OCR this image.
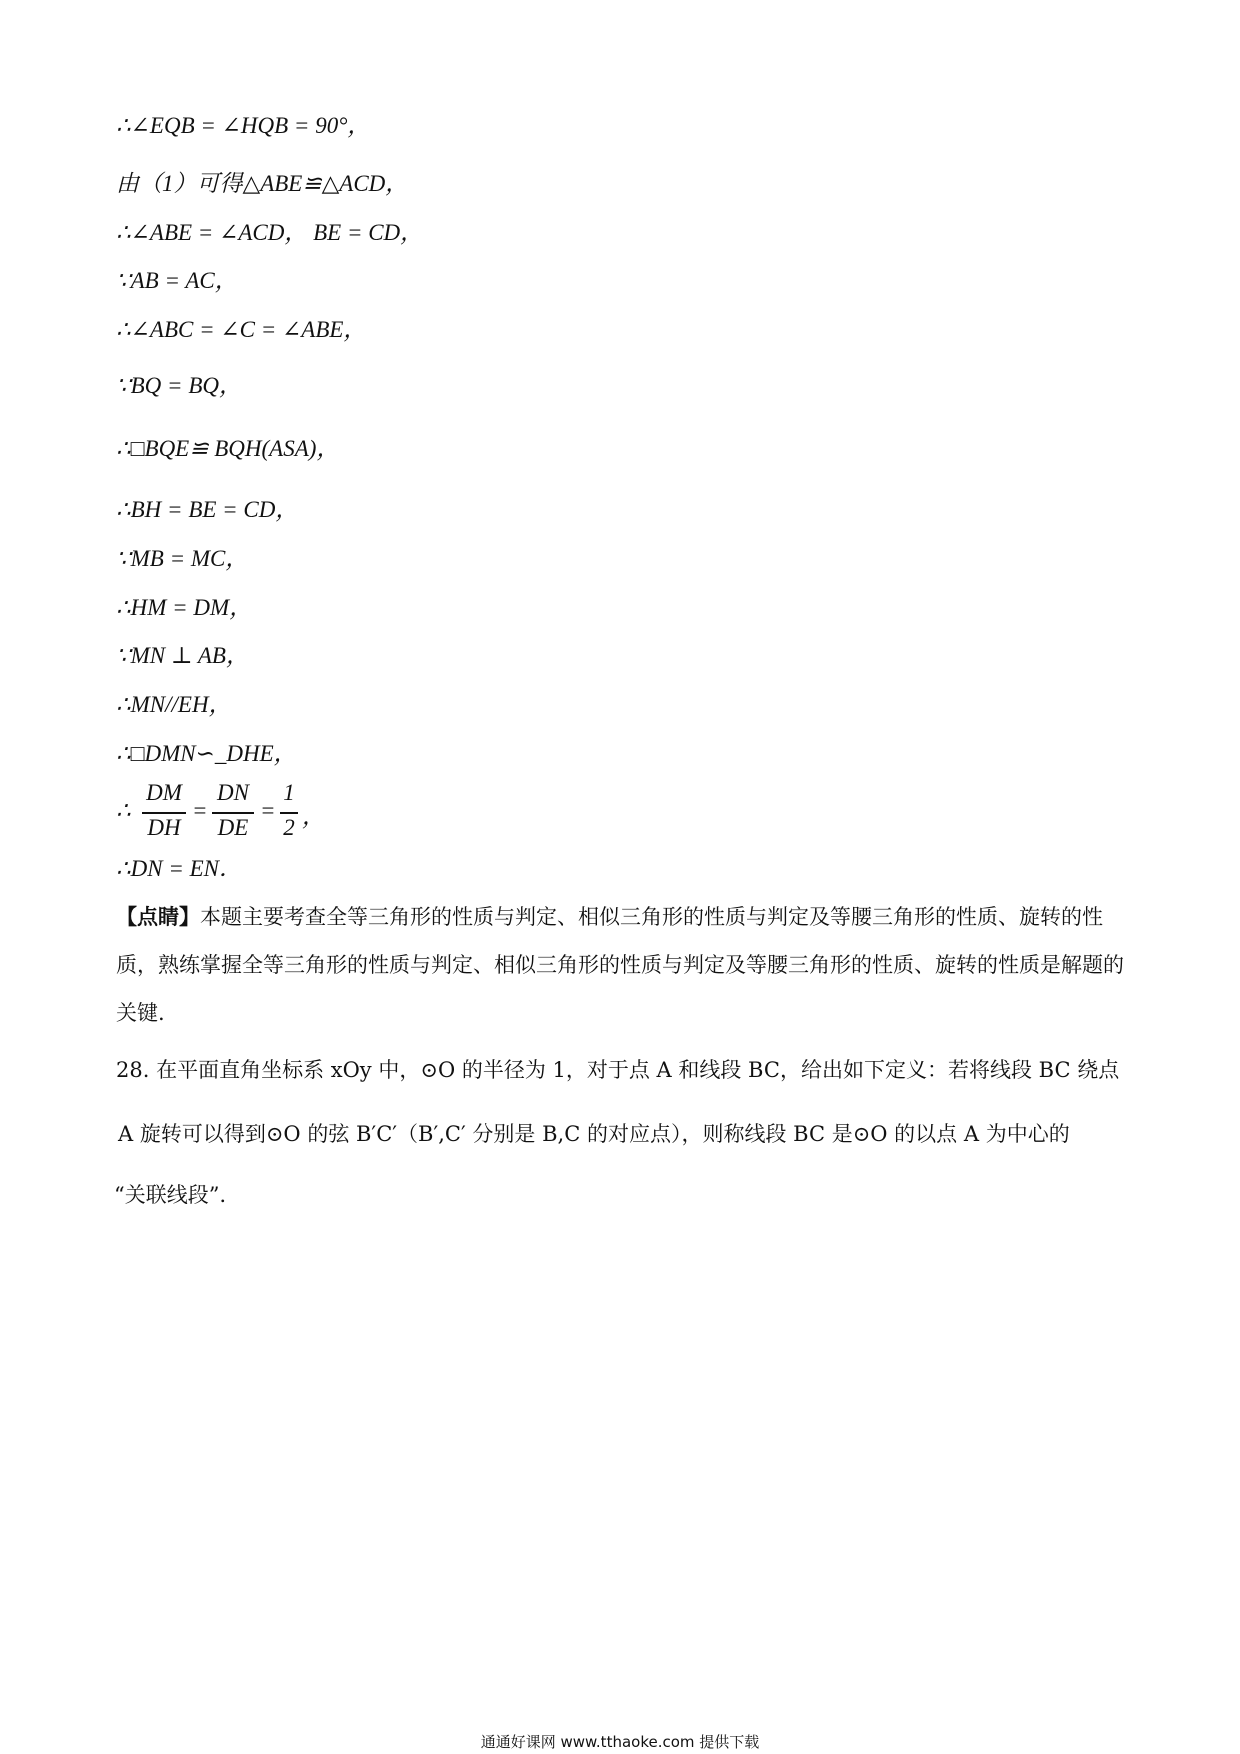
∴∠EQB = ∠HQB = 90°，
由（1）可得△ABE≌△ACD，
∴∠ABE = ∠ACD， BE = CD，
∵AB = AC，
∴∠ABC = ∠C = ∠ABE，
∵BQ = BQ，
∴□BQE≌ BQH(ASA)，
∴BH = BE = CD，
∵MB = MC，
∴HM = DM，
∵MN ⊥ AB，
∴MN//EH，
∴□DMN∽_DHE，
∴
DM
DH
=
DN
DE
=
1
2 ，
∴DN = EN．
【点睛】本题主要考查全等三角形的性质与判定、相似三角形的性质与判定及等腰三角形的性质、旋转的性质，熟练掌握全等三角形的性质与判定、相似三角形的性质与判定及等腰三角形的性质、旋转的性质是解题的关键.
28. 在平面直角坐标系 xOy 中，⊙O 的半径为 1，对于点 A 和线段 BC，给出如下定义：若将线段 BC 绕点
A 旋转可以得到⊙O 的弦 B′C′（B′,C′ 分别是 B,C 的对应点），则称线段 BC 是⊙O 的以点 A 为中心的
“关联线段”．
通通好课网 www.tthaoke.com 提供下载
